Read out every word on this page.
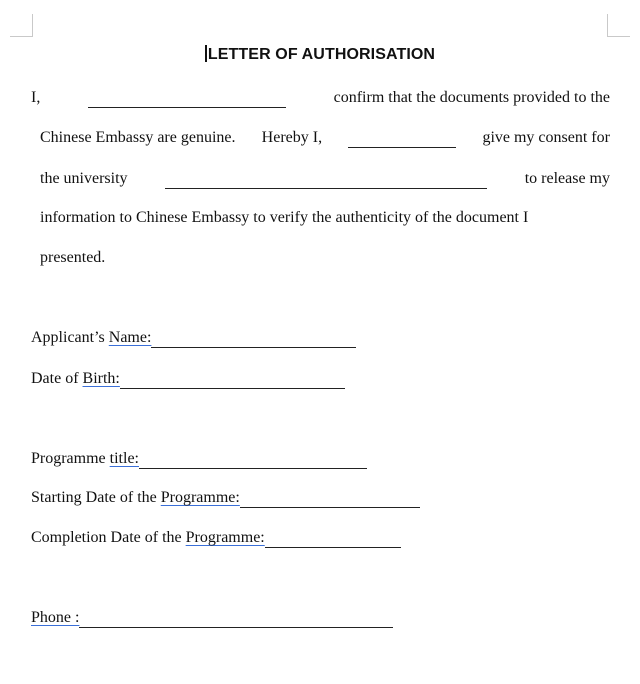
LETTER OF AUTHORISATION
I,	confirm that the documents provided to the
Chinese Embassy are genuine. Hereby I,	give my consent for
the university	to release my
information to Chinese Embassy to verify the authenticity of the document I
presented.
Applicant’s
Name:
Date of
Birth:
Programme
title:
Starting Date of the
Programme:
Completion Date of the
Programme:
Phone :
